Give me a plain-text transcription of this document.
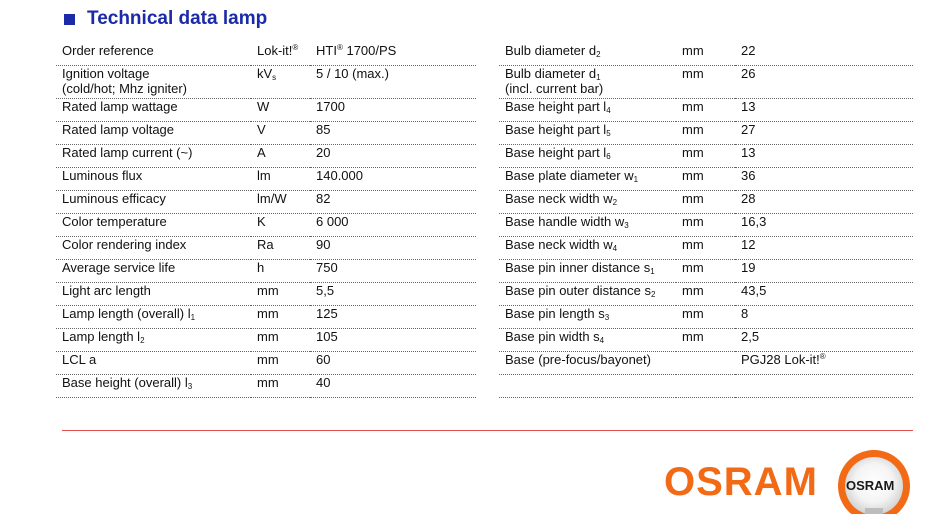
Technical data lamp
Order reference	Lok-it!®	HTI® 1700/PS
Ignition voltage
(cold/hot; Mhz igniter)	$kV_s$	5 / 10 (max.)
Rated lamp wattage	W	1700
Rated lamp voltage	V	85
Rated lamp current (~)	A	20
Luminous flux	lm	140.000
Luminous efficacy	lm/W	82
Color temperature	K	6 000
Color rendering index	Ra	90
Average service life	h	750
Light arc length	mm	5,5
Lamp length (overall) $l_1$	mm	125
Lamp length $l_2$	mm	105
LCL a	mm	60
Base height (overall) $l_3$	mm	40
Bulb diameter $d_2$	mm	22
Bulb diameter $d_1$
(incl. current bar)	mm	26
Base height part $l_4$	mm	13
Base height part $l_5$	mm	27
Base height part $l_6$	mm	13
Base plate diameter $w_1$	mm	36
Base neck width $w_2$	mm	28
Base handle width $w_3$	mm	16,3
Base neck width $w_4$	mm	12
Base pin inner distance $s_1$	mm	19
Base pin outer distance $s_2$	mm	43,5
Base pin length $s_3$	mm	8
Base pin width $s_4$	mm	2,5
Base (pre-focus/bayonet)		PGJ28 Lok-it!®

OSRAM OSRAM
